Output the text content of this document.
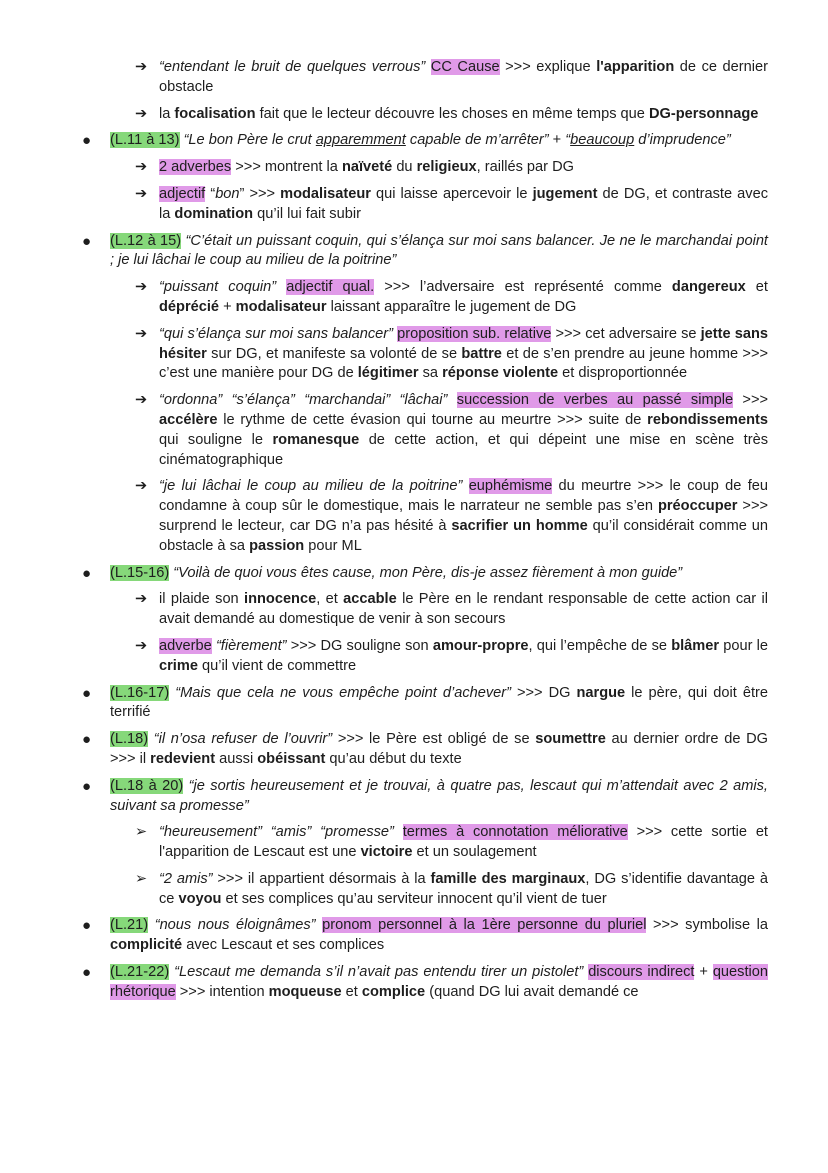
➔ “entendant le bruit de quelques verrous” CC Cause >>> explique l'apparition de ce dernier obstacle
➔ la focalisation fait que le lecteur découvre les choses en même temps que DG-personnage
● (L.11 à 13) “Le bon Père le crut apparemment capable de m’arrêter” + “beaucoup d’imprudence”
➔ 2 adverbes >>> montrent la naïveté du religieux, raillés par DG
➔ adjectif “bon” >>> modalisateur qui laisse apercevoir le jugement de DG, et contraste avec la domination qu’il lui fait subir
● (L.12 à 15) “C’était un puissant coquin, qui s’élança sur moi sans balancer. Je ne le marchandai point ; je lui lâchai le coup au milieu de la poitrine”
➔ “puissant coquin” adjectif qual. >>> l’adversaire est représenté comme dangereux et déprécié + modalisateur laissant apparaître le jugement de DG
➔ “qui s’élança sur moi sans balancer” proposition sub. relative >>> cet adversaire se jette sans hésiter sur DG, et manifeste sa volonté de se battre et de s’en prendre au jeune homme >>> c’est une manière pour DG de légitimer sa réponse violente et disproportionnée
➔ “ordonna” “s’élança” “marchandai” “lâchai” succession de verbes au passé simple >>> accélère le rythme de cette évasion qui tourne au meurtre >>> suite de rebondissements qui souligne le romanesque de cette action, et qui dépeint une mise en scène très cinématographique
➔ “je lui lâchai le coup au milieu de la poitrine” euphémisme du meurtre >>> le coup de feu condamne à coup sûr le domestique, mais le narrateur ne semble pas s’en préoccuper >>> surprend le lecteur, car DG n’a pas hésité à sacrifier un homme qu’il considérait comme un obstacle à sa passion pour ML
● (L.15-16) “Voilà de quoi vous êtes cause, mon Père, dis-je assez fièrement à mon guide”
➔ il plaide son innocence, et accable le Père en le rendant responsable de cette action car il avait demandé au domestique de venir à son secours
➔ adverbe “fièrement” >>> DG souligne son amour-propre, qui l’empêche de se blâmer pour le crime qu’il vient de commettre
● (L.16-17) “Mais que cela ne vous empêche point d’achever” >>> DG nargue le père, qui doit être terrifié
● (L.18) “il n’osa refuser de l’ouvrir” >>> le Père est obligé de se soumettre au dernier ordre de DG >>> il redevient aussi obéissant qu’au début du texte
● (L.18 à 20) “je sortis heureusement et je trouvai, à quatre pas, lescaut qui m’attendait avec 2 amis, suivant sa promesse”
➢ “heureusement” “amis” “promesse” termes à connotation méliorative >>> cette sortie et l'apparition de Lescaut est une victoire et un soulagement
➢ “2 amis” >>> il appartient désormais à la famille des marginaux, DG s’identifie davantage à ce voyou et ses complices qu’au serviteur innocent qu’il vient de tuer
● (L.21) “nous nous éloignâmes” pronom personnel à la 1ère personne du pluriel >>> symbolise la complicité avec Lescaut et ses complices
● (L.21-22) “Lescaut me demanda s’il n’avait pas entendu tirer un pistolet” discours indirect + question rhétorique >>> intention moqueuse et complice (quand DG lui avait demandé ce
